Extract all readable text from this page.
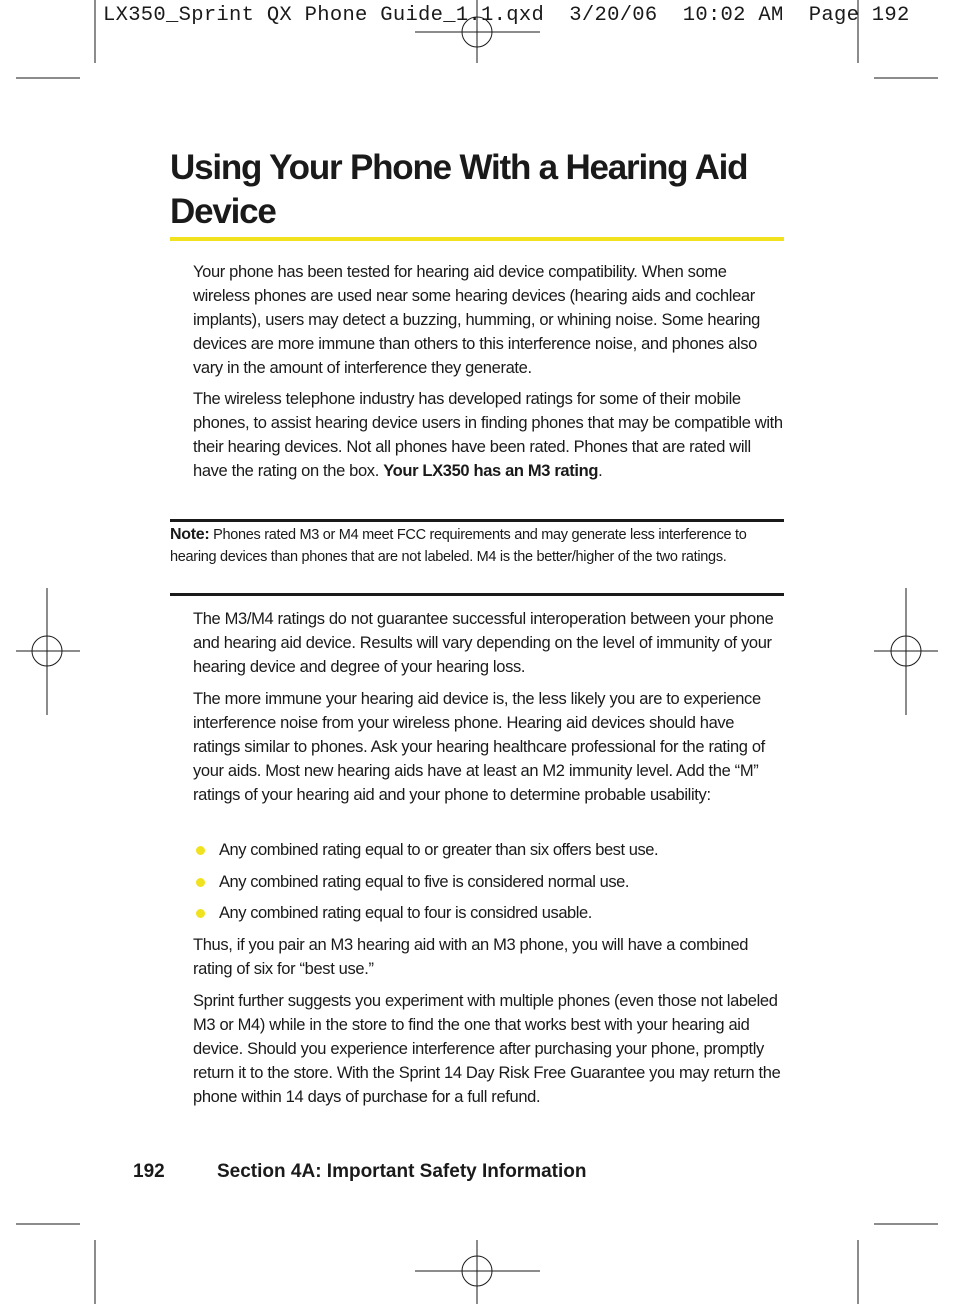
LX350_Sprint QX Phone Guide_1.1.qxd 3/20/06 10:02 AM Page 192
Using Your Phone With a Hearing Aid
Device

Your phone has been tested for hearing aid device compatibility. When some wireless phones are used near some hearing devices (hearing aids and cochlear implants), users may detect a buzzing, humming, or whining noise. Some hearing devices are more immune than others to this interference noise, and phones also vary in the amount of interference they generate.

The wireless telephone industry has developed ratings for some of their mobile phones, to assist hearing device users in finding phones that may be compatible with their hearing devices. Not all phones have been rated. Phones that are rated will have the rating on the box. Your LX350 has an M3 rating.

Note: Phones rated M3 or M4 meet FCC requirements and may generate less interference to hearing devices than phones that are not labeled. M4 is the better/higher of the two ratings.

The M3/M4 ratings do not guarantee successful interoperation between your phone and hearing aid device. Results will vary depending on the level of immunity of your hearing device and degree of your hearing loss.

The more immune your hearing aid device is, the less likely you are to experience interference noise from your wireless phone. Hearing aid devices should have ratings similar to phones. Ask your hearing healthcare professional for the rating of your aids. Most new hearing aids have at least an M2 immunity level. Add the “M” ratings of your hearing aid and your phone to determine probable usability:

Any combined rating equal to or greater than six offers best use.
Any combined rating equal to five is considered normal use.
Any combined rating equal to four is considred usable.

Thus, if you pair an M3 hearing aid with an M3 phone, you will have a combined rating of six for “best use.”

Sprint further suggests you experiment with multiple phones (even those not labeled M3 or M4) while in the store to find the one that works best with your hearing aid device. Should you experience interference after purchasing your phone, promptly return it to the store. With the Sprint 14 Day Risk Free Guarantee you may return the phone within 14 days of purchase for a full refund.

192	Section 4A: Important Safety Information
